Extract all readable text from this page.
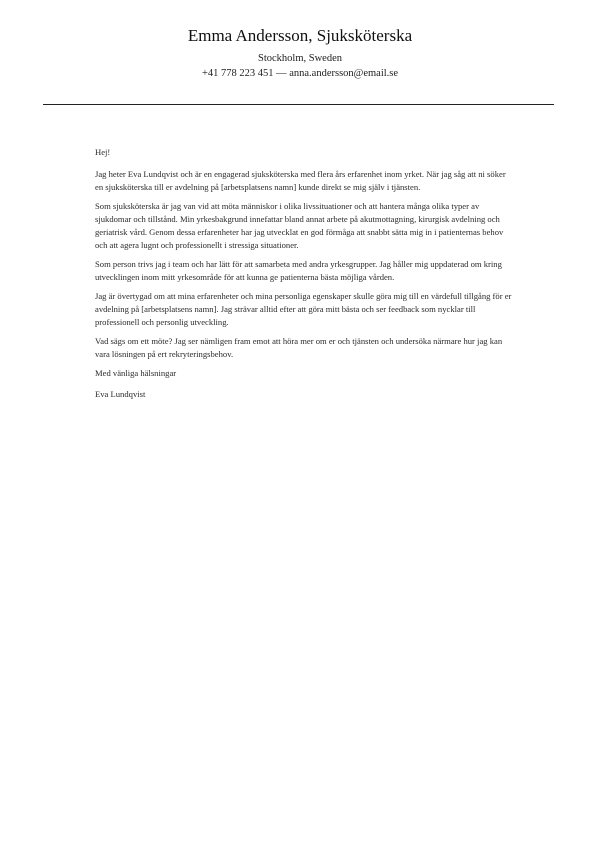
Emma Andersson, Sjuksköterska
Stockholm, Sweden
+41 778 223 451 — anna.andersson@email.se

Hej!

Jag heter Eva Lundqvist och är en engagerad sjuksköterska med flera års erfarenhet inom yrket. När jag såg att ni söker en sjuksköterska till er avdelning på [arbetsplatsens namn] kunde direkt se mig själv i tjänsten.

Som sjuksköterska är jag van vid att möta människor i olika livssituationer och att hantera många olika typer av sjukdomar och tillstånd. Min yrkesbakgrund innefattar bland annat arbete på akutmottagning, kirurgisk avdelning och geriatrisk vård. Genom dessa erfarenheter har jag utvecklat en god förmåga att snabbt sätta mig in i patienternas behov och att agera lugnt och professionellt i stressiga situationer.

Som person trivs jag i team och har lätt för att samarbeta med andra yrkesgrupper. Jag håller mig uppdaterad om kring utvecklingen inom mitt yrkesområde för att kunna ge patienterna bästa möjliga vården.

Jag är övertygad om att mina erfarenheter och mina personliga egenskaper skulle göra mig till en värdefull tillgång för er avdelning på [arbetsplatsens namn]. Jag strävar alltid efter att göra mitt bästa och ser feedback som nycklar till professionell och personlig utveckling.

Vad sägs om ett möte? Jag ser nämligen fram emot att höra mer om er och tjänsten och undersöka närmare hur jag kan vara lösningen på ert rekryteringsbehov.

Med vänliga hälsningar

Eva Lundqvist
